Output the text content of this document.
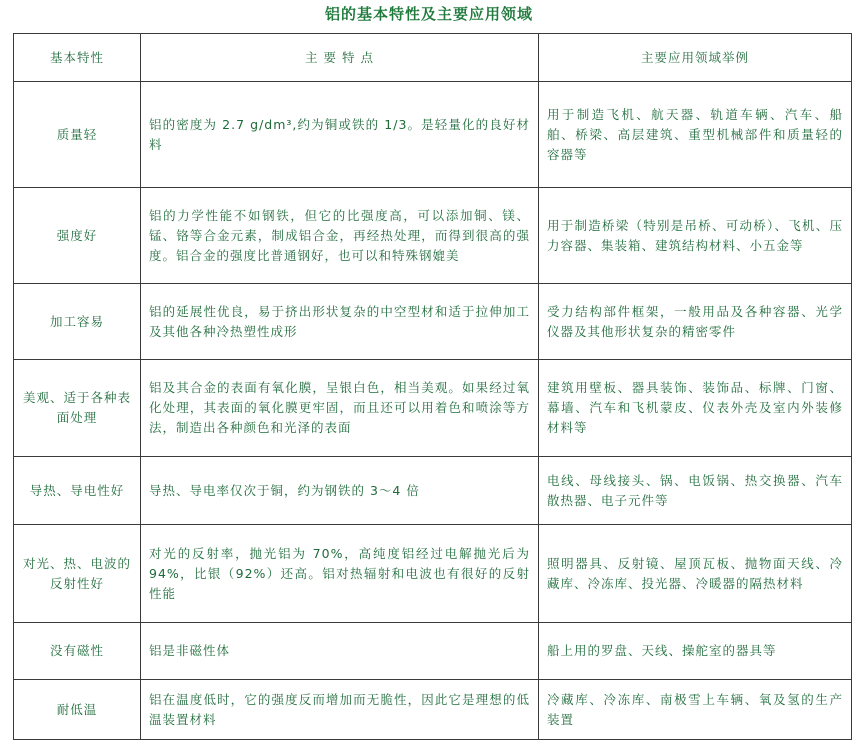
铝的基本特性及主要应用领域
基本特性	主 要 特 点	主要应用领域举例
质量轻	铝的密度为 2.7 g/dm³,约为铜或铁的 1/3。是轻量化的良好材料	用于制造飞机、航天器、轨道车辆、汽车、船舶、桥梁、高层建筑、重型机械部件和质量轻的容器等
强度好	铝的力学性能不如钢铁，但它的比强度高，可以添加铜、镁、锰、铬等合金元素，制成铝合金，再经热处理，而得到很高的强度。铝合金的强度比普通钢好，也可以和特殊钢媲美	用于制造桥梁（特别是吊桥、可动桥）、飞机、压力容器、集装箱、建筑结构材料、小五金等
加工容易	铝的延展性优良，易于挤出形状复杂的中空型材和适于拉伸加工及其他各种冷热塑性成形	受力结构部件框架，一般用品及各种容器、光学仪器及其他形状复杂的精密零件
美观、适于各种表面处理	铝及其合金的表面有氧化膜，呈银白色，相当美观。如果经过氧化处理，其表面的氧化膜更牢固，而且还可以用着色和喷涂等方法，制造出各种颜色和光泽的表面	建筑用壁板、器具装饰、装饰品、标牌、门窗、幕墙、汽车和飞机蒙皮、仪表外壳及室内外装修材料等
导热、导电性好	导热、导电率仅次于铜，约为钢铁的 3～4 倍	电线、母线接头、锅、电饭锅、热交换器、汽车散热器、电子元件等
对光、热、电波的反射性好	对光的反射率，抛光铝为 70%，高纯度铝经过电解抛光后为 94%，比银（92%）还高。铝对热辐射和电波也有很好的反射性能	照明器具、反射镜、屋顶瓦板、抛物面天线、冷藏库、冷冻库、投光器、冷暖器的隔热材料
没有磁性	铝是非磁性体	船上用的罗盘、天线、操舵室的器具等
耐低温	铝在温度低时，它的强度反而增加而无脆性，因此它是理想的低温装置材料	冷藏库、冷冻库、南极雪上车辆、氧及氢的生产装置
